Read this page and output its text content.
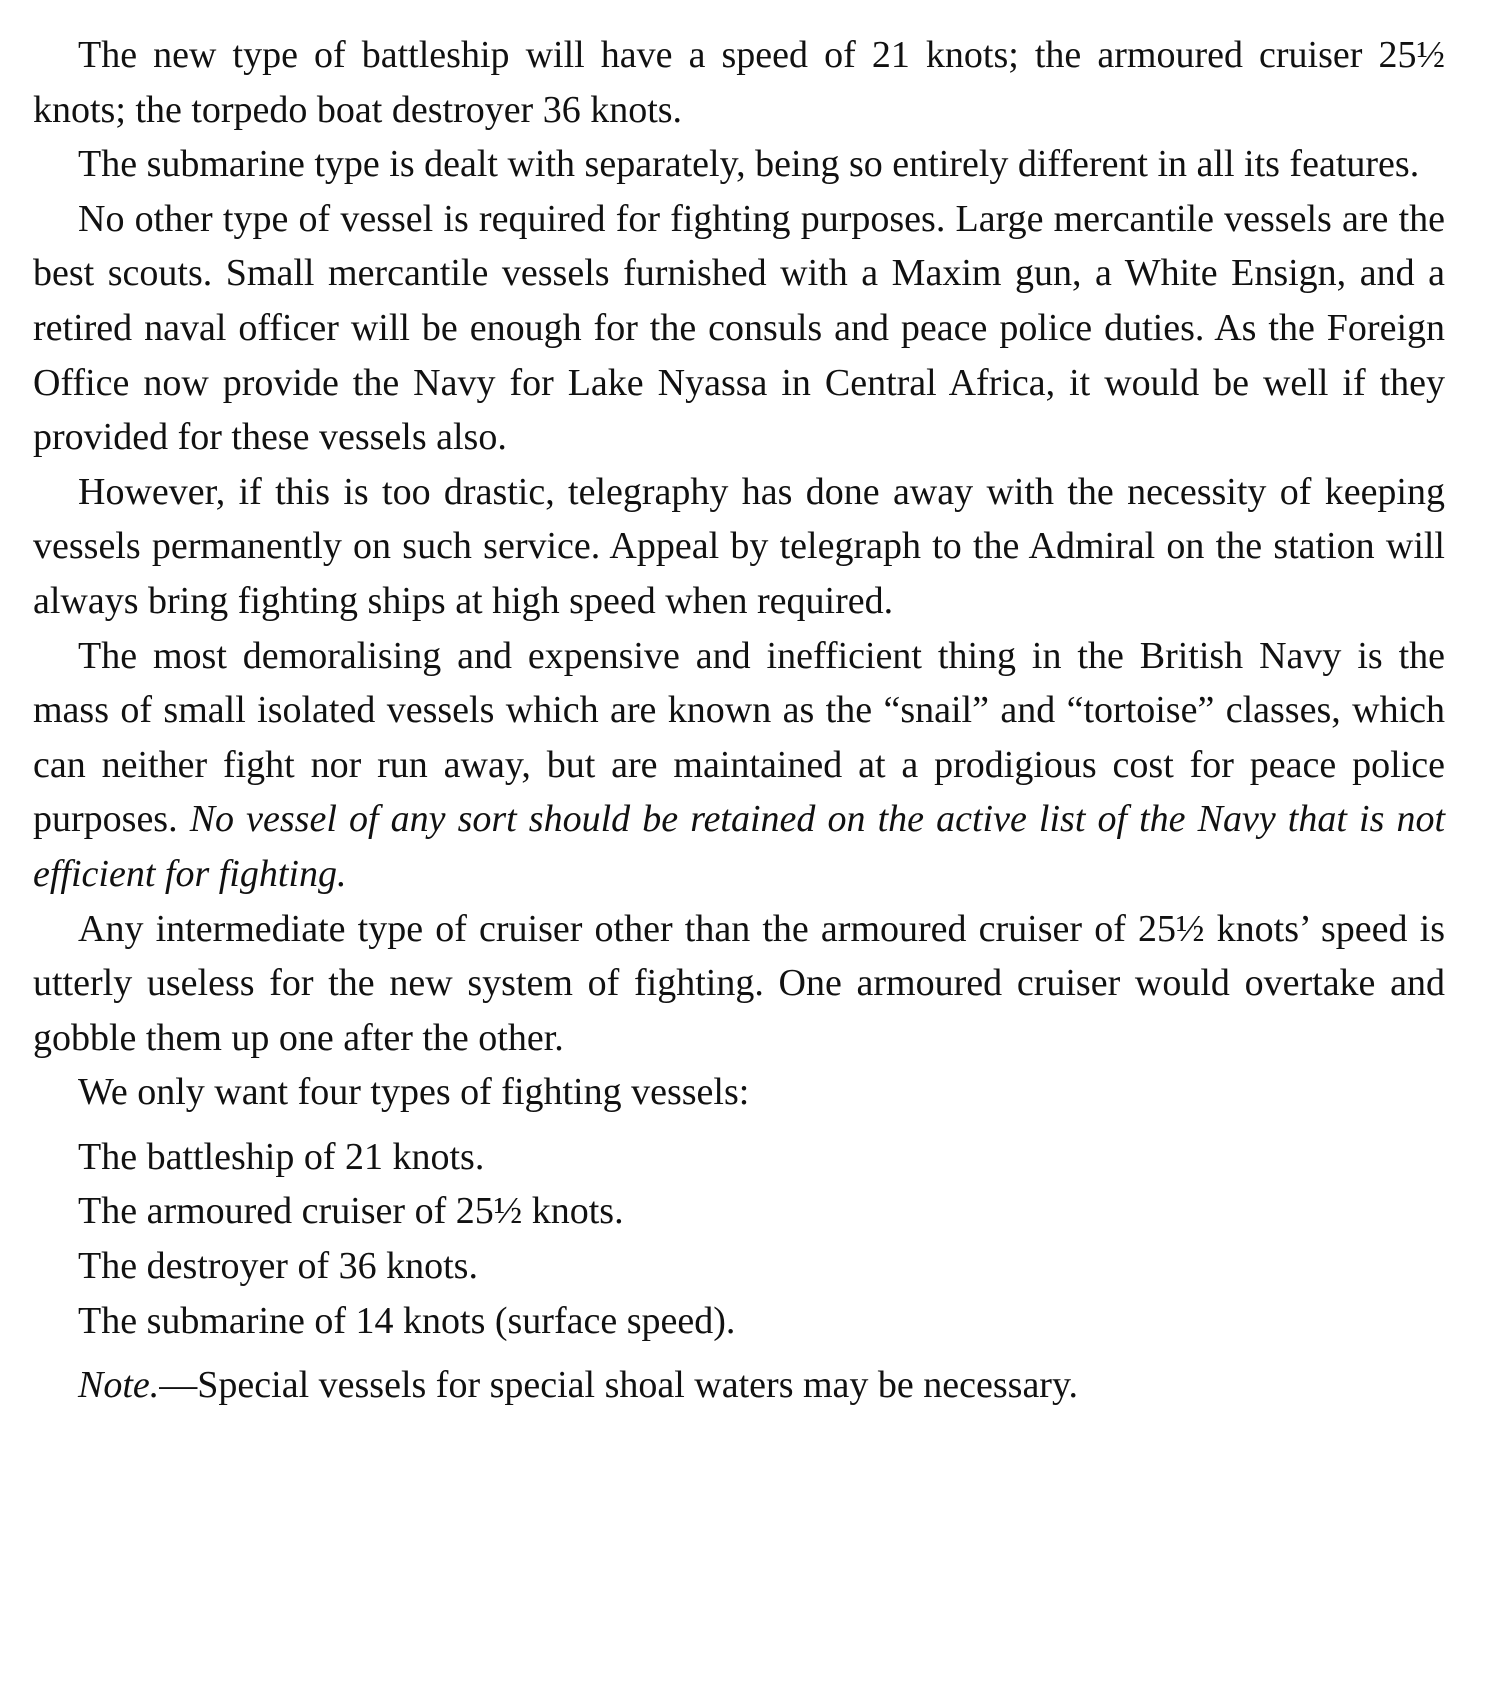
The new type of battleship will have a speed of 21 knots; the armoured cruiser 25½ knots; the torpedo boat destroyer 36 knots.

The submarine type is dealt with separately, being so entirely different in all its features.

No other type of vessel is required for fighting purposes. Large mercantile vessels are the best scouts. Small mercantile vessels furnished with a Maxim gun, a White Ensign, and a retired naval officer will be enough for the consuls and peace police duties. As the Foreign Office now provide the Navy for Lake Nyassa in Central Africa, it would be well if they provided for these vessels also.

However, if this is too drastic, telegraphy has done away with the necessity of keeping vessels permanently on such service. Appeal by telegraph to the Admiral on the station will always bring fighting ships at high speed when required.

The most demoralising and expensive and inefficient thing in the British Navy is the mass of small isolated vessels which are known as the “snail” and “tortoise” classes, which can neither fight nor run away, but are maintained at a prodigious cost for peace police purposes. No vessel of any sort should be retained on the active list of the Navy that is not efficient for fighting.

Any intermediate type of cruiser other than the armoured cruiser of 25½ knots’ speed is utterly useless for the new system of fighting. One armoured cruiser would overtake and gobble them up one after the other.

We only want four types of fighting vessels:

The battleship of 21 knots.
The armoured cruiser of 25½ knots.
The destroyer of 36 knots.
The submarine of 14 knots (surface speed).

Note.—Special vessels for special shoal waters may be necessary.
